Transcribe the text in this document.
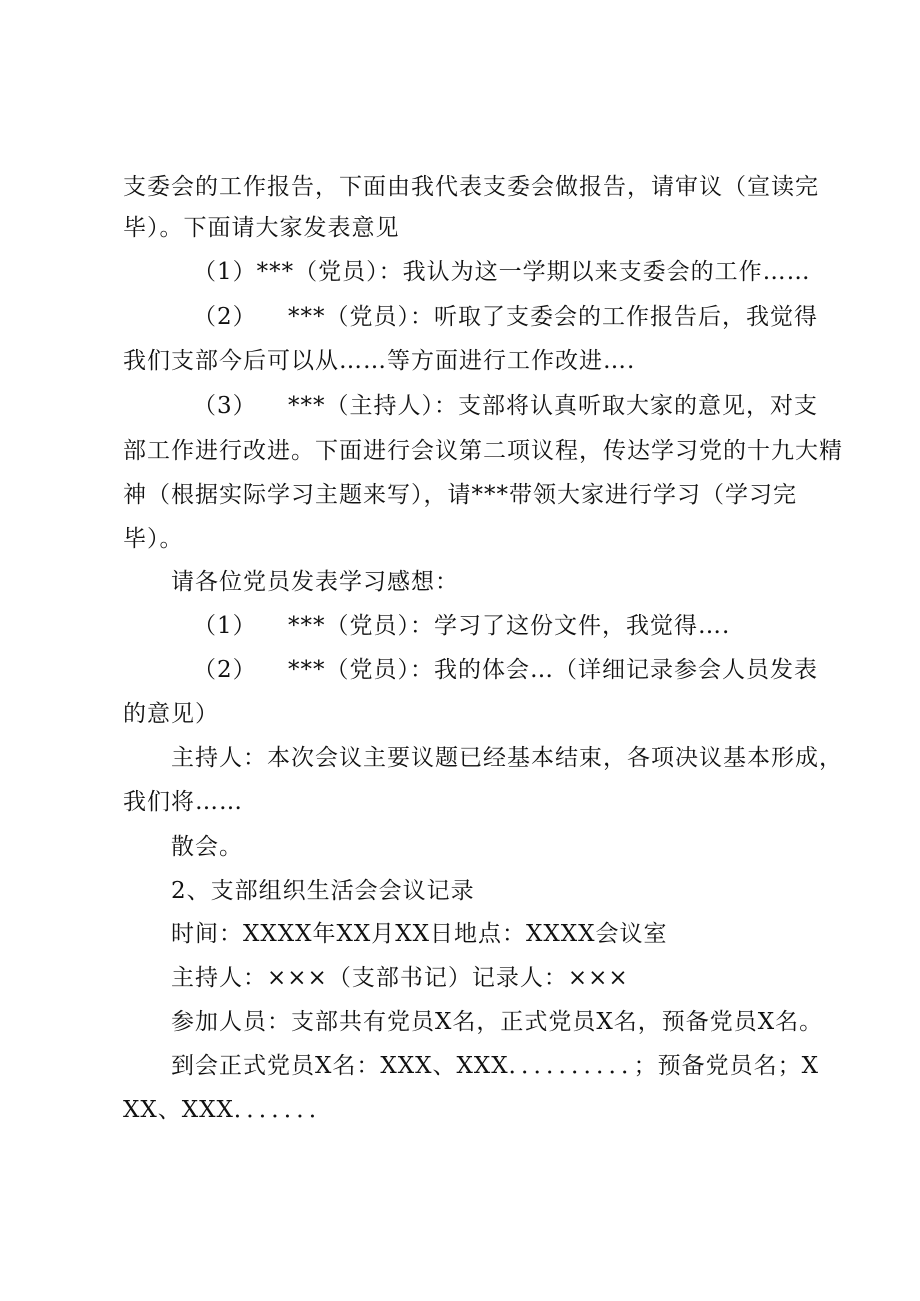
支委会的工作报告，下面由我代表支委会做报告，请审议（宣读完
毕）。下面请大家发表意见
（1）***（党员）：我认为这一学期以来支委会的工作……
（2） ***（党员）：听取了支委会的工作报告后，我觉得
我们支部今后可以从……等方面进行工作改进….
（3） ***（主持人）：支部将认真听取大家的意见，对支
部工作进行改进。下面进行会议第二项议程，传达学习党的十九大精
神（根据实际学习主题来写），请***带领大家进行学习（学习完
毕）。
请各位党员发表学习感想：
（1） ***（党员）：学习了这份文件，我觉得….
（2） ***（党员）：我的体会…（详细记录参会人员发表
的意见）
主持人：本次会议主要议题已经基本结束，各项决议基本形成，
我们将……
散会。
2、支部组织生活会会议记录
时间：XXXX年XX月XX日地点：XXXX会议室
主持人：×××（支部书记）记录人：×××
参加人员：支部共有党员X名，正式党员X名，预备党员X名。
到会正式党员X名：XXX、XXX．．．．．．．．．．；预备党员名；X
XX、XXX．．．．．．．
